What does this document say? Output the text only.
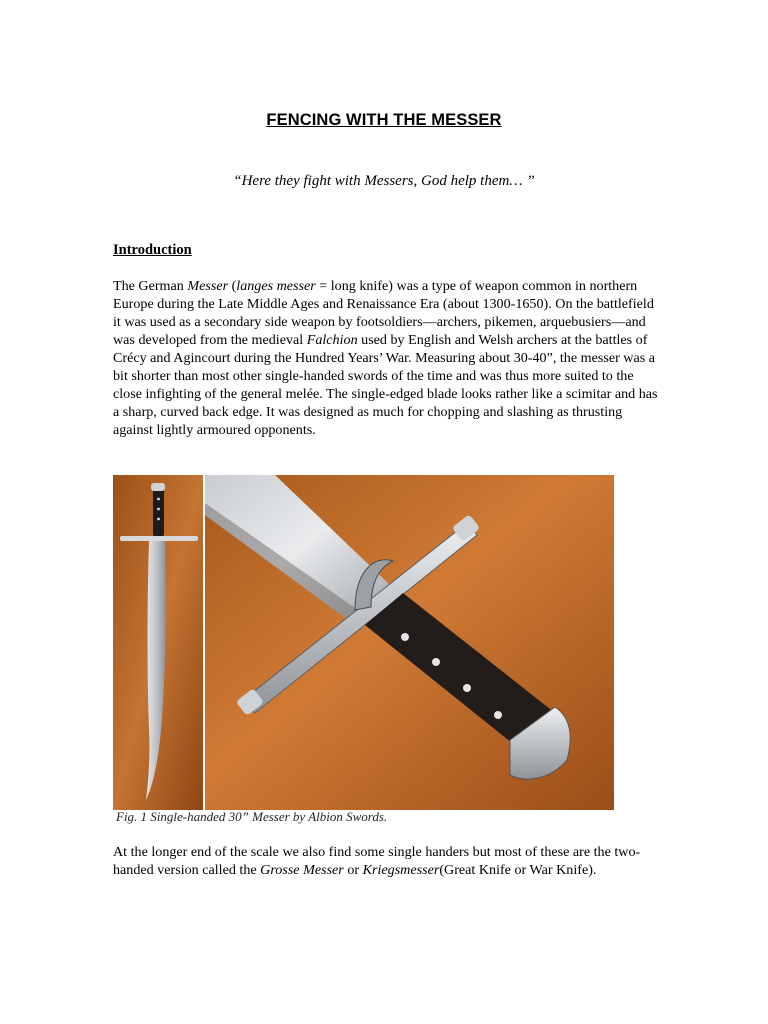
FENCING WITH THE MESSER
“Here they fight with Messers, God help them… ”
Introduction

The German Messer (langes messer = long knife) was a type of weapon common in northern Europe during the Late Middle Ages and Renaissance Era (about 1300-1650). On the battlefield it was used as a secondary side weapon by footsoldiers—archers, pikemen, arquebusiers—and was developed from the medieval Falchion used by English and Welsh archers at the battles of Crécy and Agincourt during the Hundred Years’ War. Measuring about 30-40”, the messer was a bit shorter than most other single-handed swords of the time and was thus more suited to the close infighting of the general melée. The single-edged blade looks rather like a scimitar and has a sharp, curved back edge. It was designed as much for chopping and slashing as thrusting against lightly armoured opponents.

Fig. 1 Single-handed 30” Messer by Albion Swords.

At the longer end of the scale we also find some single handers but most of these are the two-handed version called the Grosse Messer or Kriegsmesser(Great Knife or War Knife).
